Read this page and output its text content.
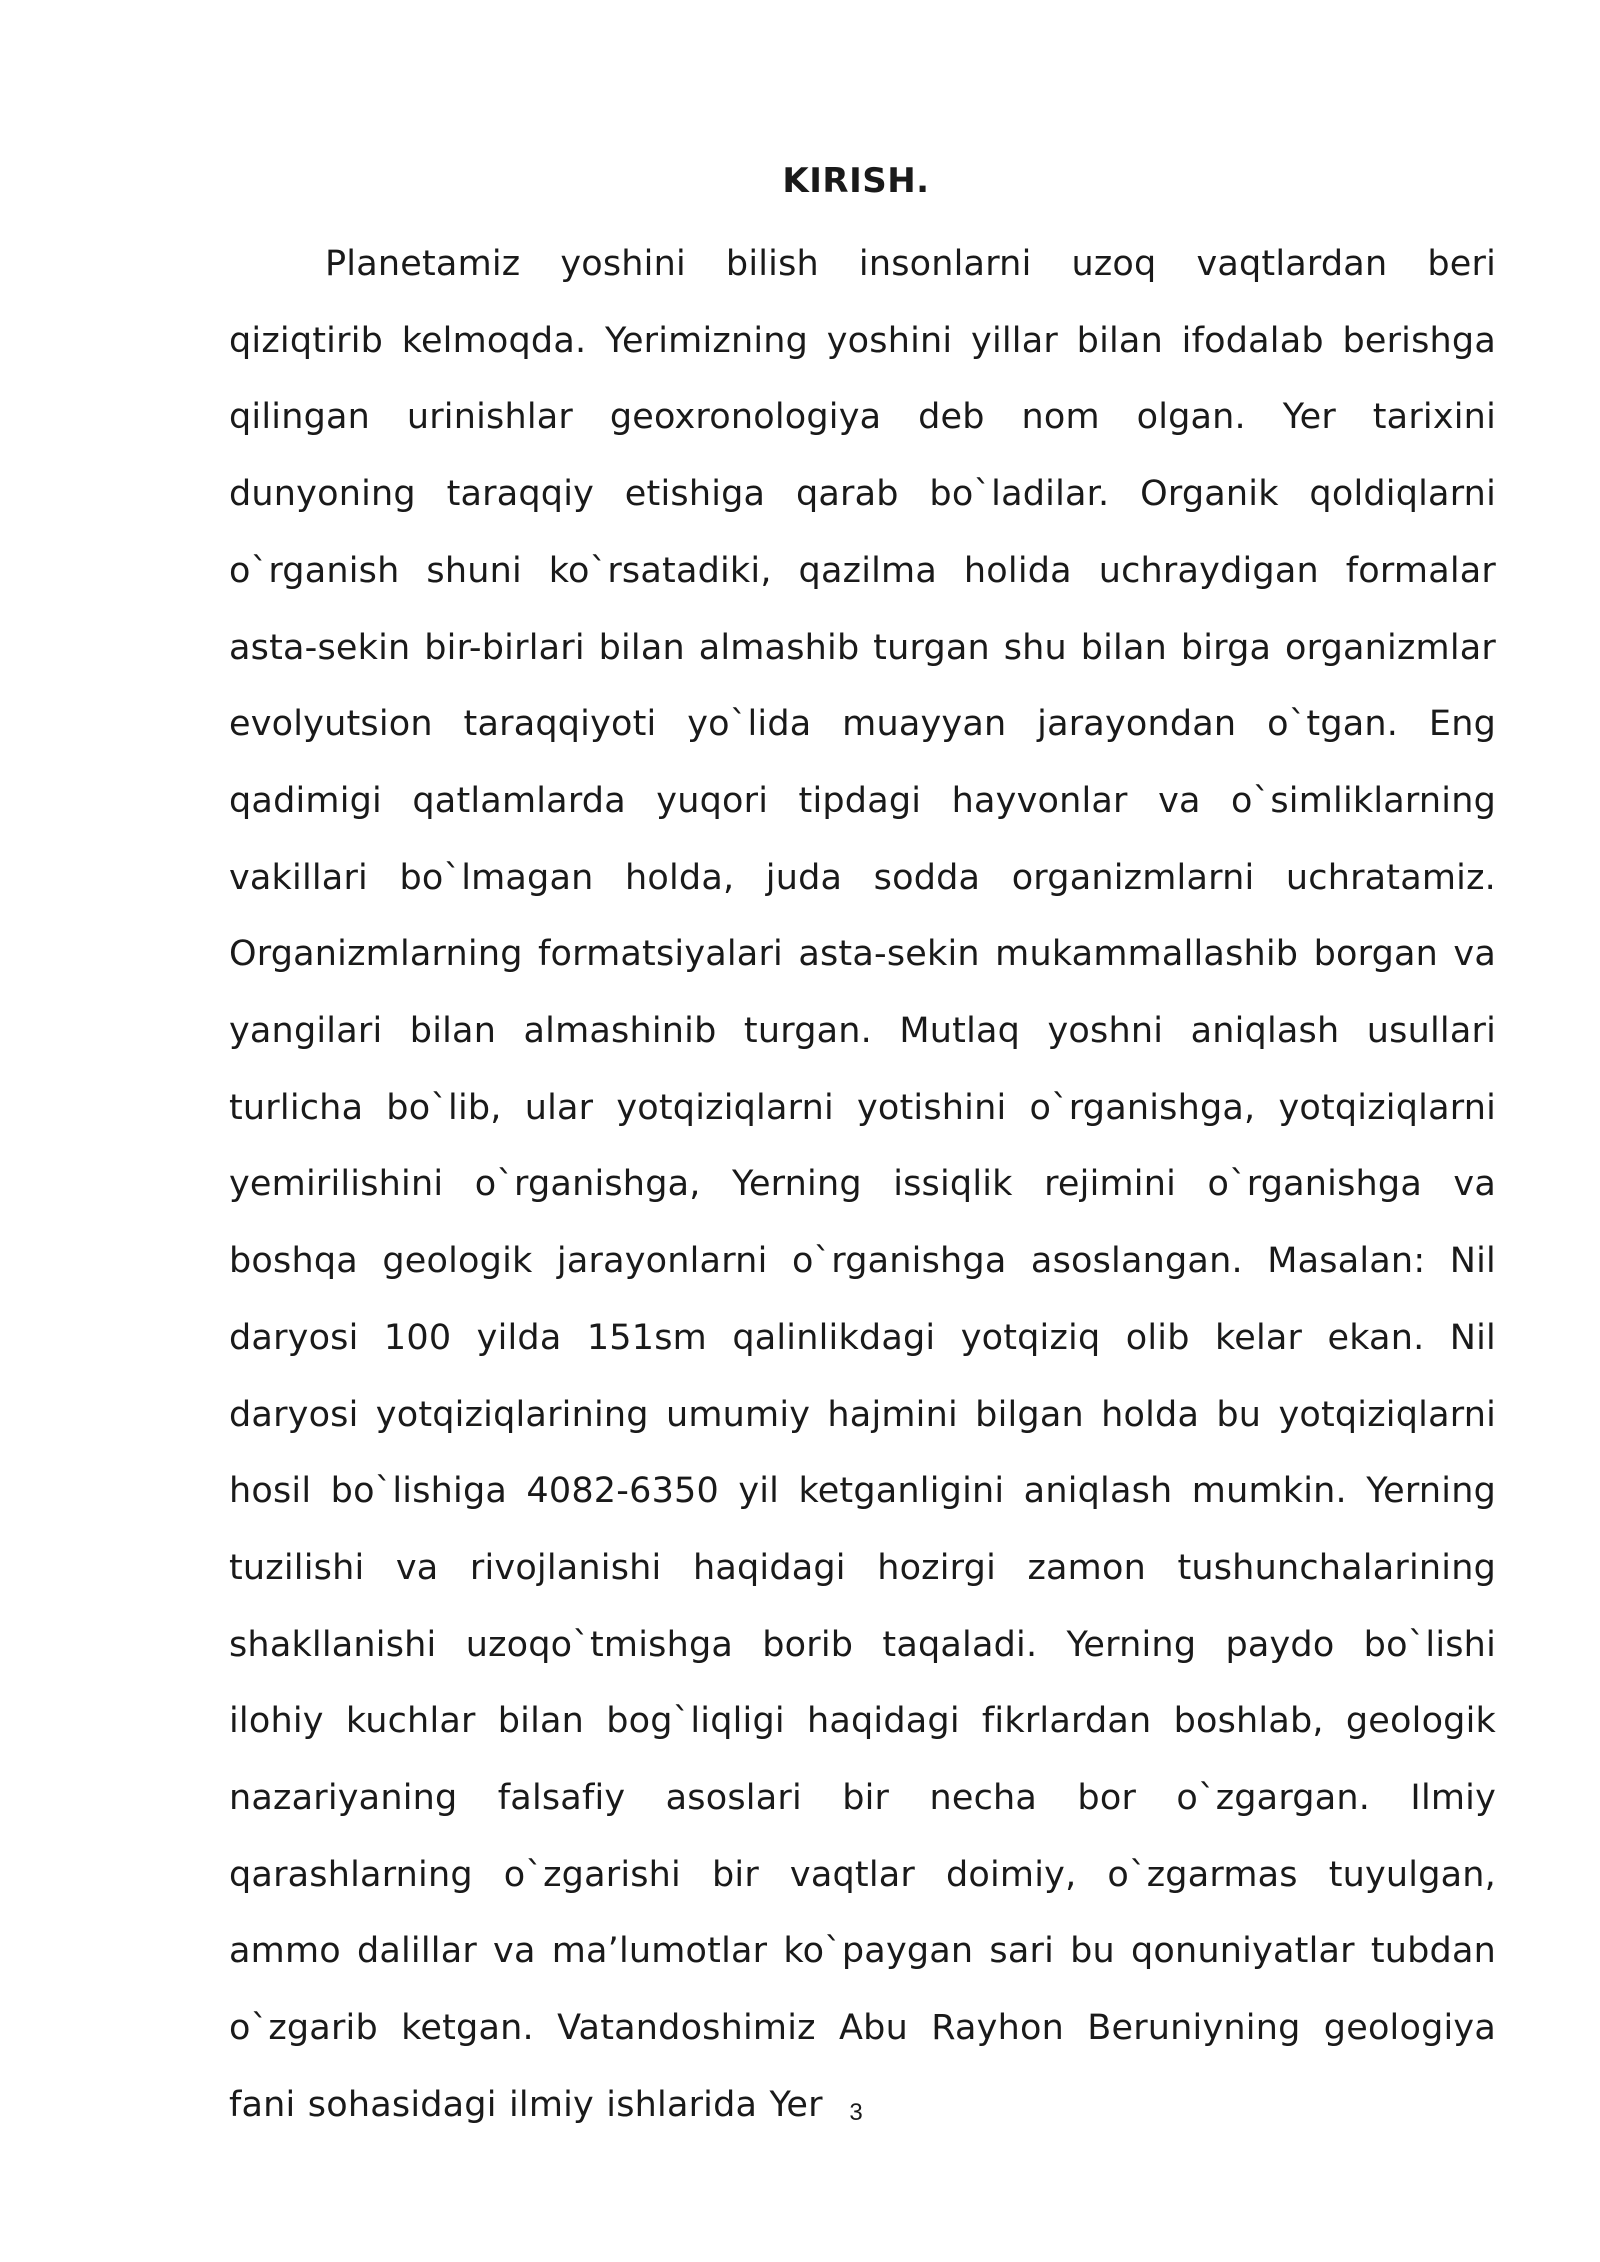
KIRISH.

Planetamiz yoshini bilish insonlarni uzoq vaqtlardan beri qiziqtirib kelmoqda. Yerimizning yoshini yillar bilan ifodalab berishga qilingan urinishlar geoxronologiya deb nom olgan. Yer tarixini dunyoning taraqqiy etishiga qarab bo`ladilar. Organik qoldiqlarni o`rganish shuni ko`rsatadiki, qazilma holida uchraydigan formalar asta-sekin bir-birlari bilan almashib turgan shu bilan birga organizmlar evolyutsion taraqqiyoti yo`lida muayyan jarayondan o`tgan. Eng qadimigi qatlamlarda yuqori tipdagi hayvonlar va o`simliklarning vakillari bo`lmagan holda, juda sodda organizmlarni uchratamiz. Organizmlarning formatsiyalari asta-sekin mukammallashib borgan va yangilari bilan almashinib turgan. Mutlaq yoshni aniqlash usullari turlicha bo`lib, ular yotqiziqlarni yotishini o`rganishga, yotqiziqlarni yemirilishini o`rganishga, Yerning issiqlik rejimini o`rganishga va boshqa geologik jarayonlarni o`rganishga asoslangan. Masalan: Nil daryosi 100 yilda 151sm qalinlikdagi yotqiziq olib kelar ekan. Nil daryosi yotqiziqlarining umumiy hajmini bilgan holda bu yotqiziqlarni hosil bo`lishiga 4082-6350 yil ketganligini aniqlash mumkin. Yerning tuzilishi va rivojlanishi haqidagi hozirgi zamon tushunchalarining shakllanishi uzoqo`tmishga borib taqaladi. Yerning paydo bo`lishi ilohiy kuchlar bilan bog`liqligi haqidagi fikrlardan boshlab, geologik nazariyaning falsafiy asoslari bir necha bor o`zgargan. Ilmiy qarashlarning o`zgarishi bir vaqtlar doimiy, o`zgarmas tuyulgan, ammo dalillar va ma’lumotlar ko`paygan sari bu qonuniyatlar tubdan o`zgarib ketgan. Vatandoshimiz Abu Rayhon Beruniyning geologiya fani sohasidagi ilmiy ishlarida Yer	3
